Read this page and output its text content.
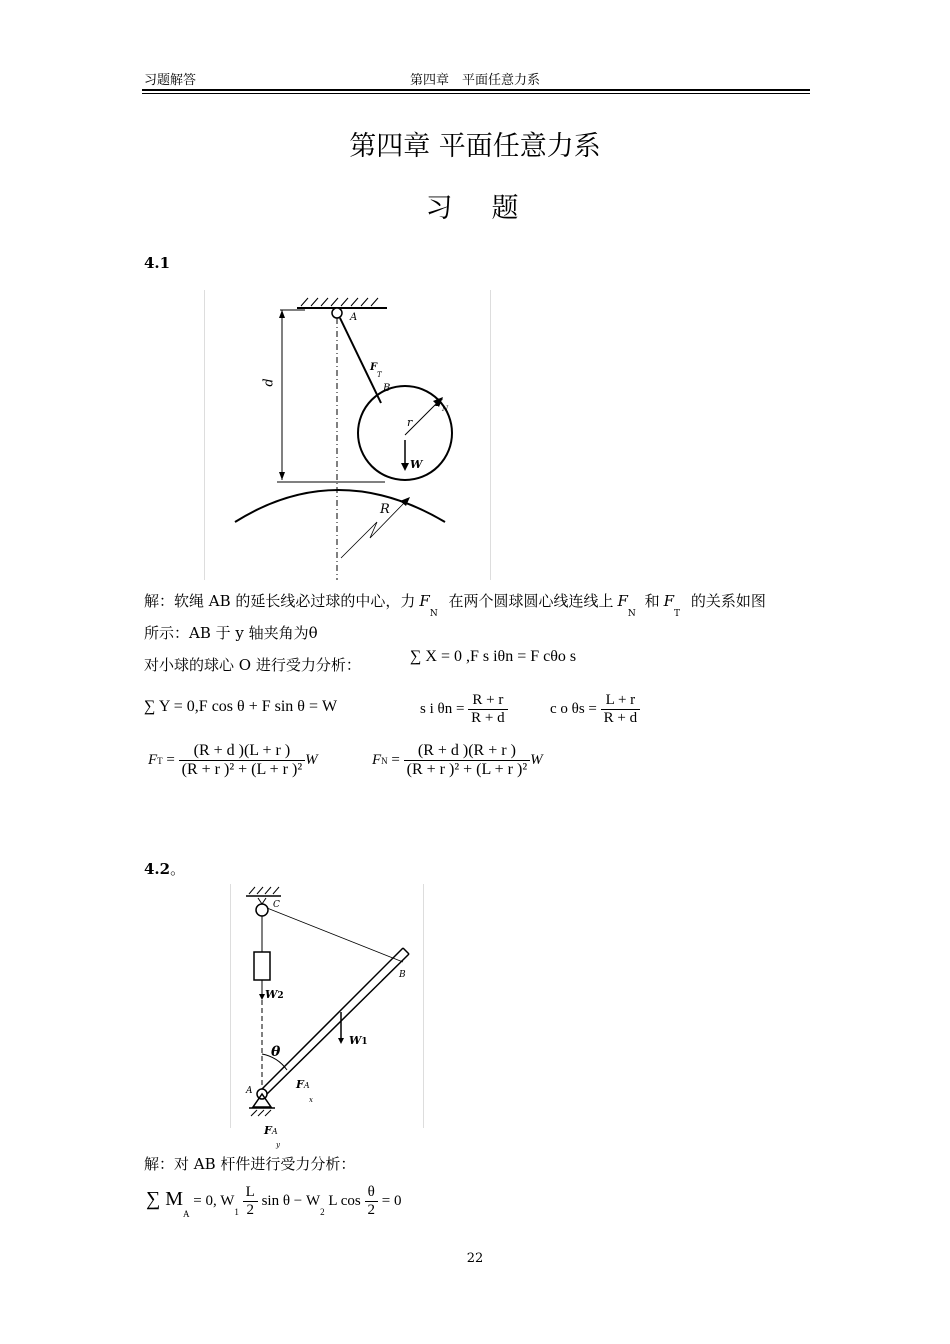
习题解答	第四章　平面任意力系
第四章 平面任意力系
习　题
4.1
A
F
T
B
F N
r
W
d
R
解：软绳 AB 的延长线必过球的中心，力 $F_N$ 在两个圆球圆心线连线上 $F_N$ 和 $F_T$ 的关系如图
所示：AB 于 y 轴夹角为θ
对小球的球心 O 进行受力分析：	∑ X = 0 ,F s iθn = F cθo s
∑ Y = 0,F cos θ + F sin θ = W	s i $\theta n = \frac{R + r}{R + d}$	c o $\theta s = \frac{L + r}{R + d}$
FT = $\frac{(R + d )(L + r )}{\text{(R + r )² + (L + r )²}}$ W	FN = $\frac{(R + d )(R + r )}{\text{(R + r )² + (L + r )²}}$ W
4.2。
C
B
W2
W1
θ
A	FA
x
FA
y
解：对 AB 杆件进行受力分析：
∑ $M_A = 0$, $W_1 \frac{L}{2}$ $\sin \theta - W_2$ L $\cos \frac{\theta}{2} = 0$
22
